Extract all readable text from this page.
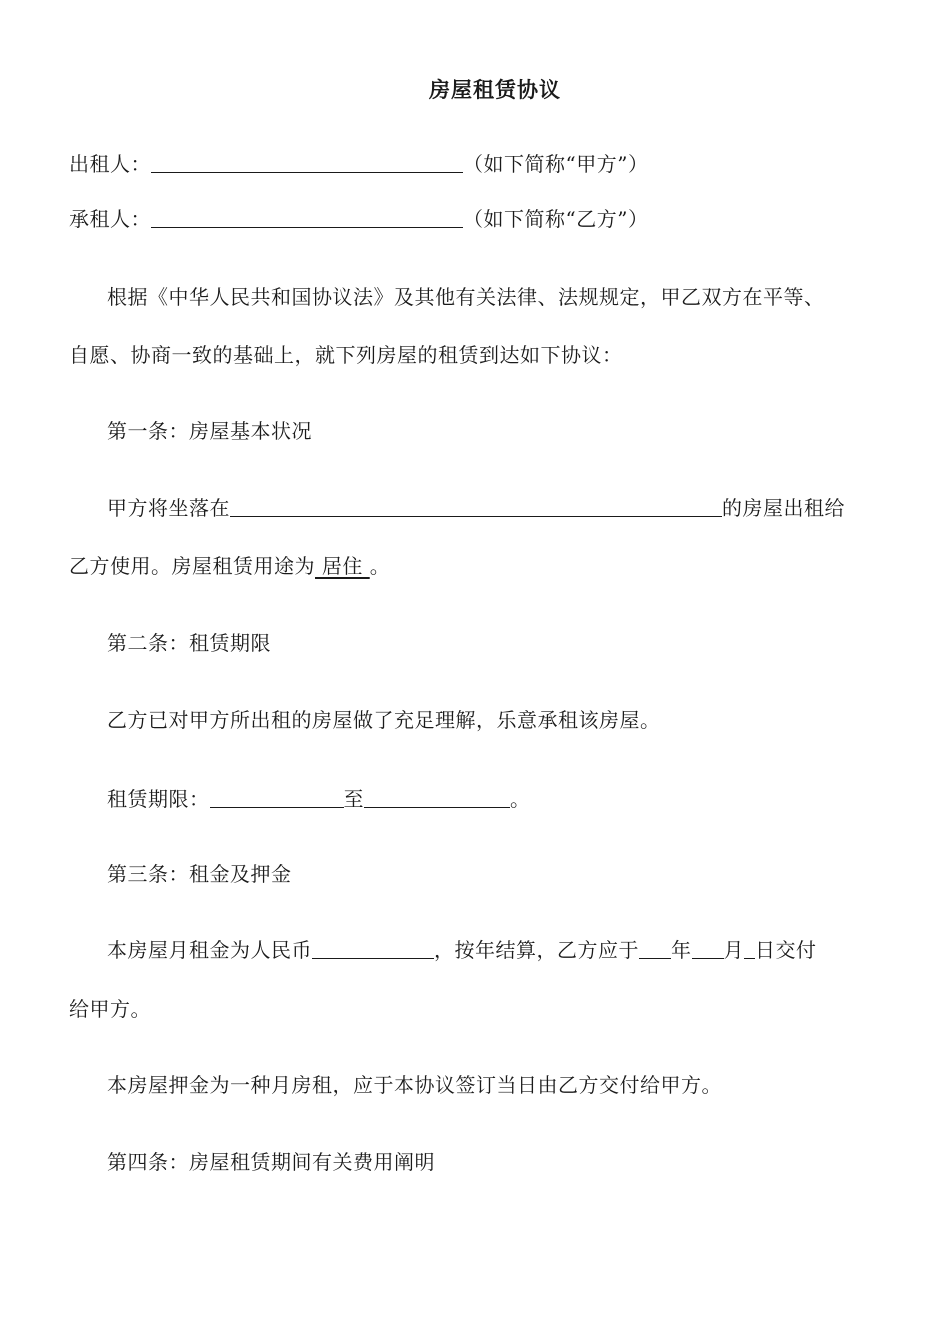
房屋租赁协议
出租人：	（如下简称“甲方”）
承租人：	（如下简称“乙方”）
根据《中华人民共和国协议法》及其他有关法律、法规规定，甲乙双方在平等、
自愿、协商一致的基础上，就下列房屋的租赁到达如下协议：
第一条：房屋基本状况
甲方将坐落在	的房屋出租给
乙方使用。房屋租赁用途为 居住 。
第二条：租赁期限
乙方已对甲方所出租的房屋做了充足理解，乐意承租该房屋。
租赁期限：	至	。
第三条：租金及押金
本房屋月租金为人民币	，按年结算，乙方应于 年 月 日交付
给甲方。
本房屋押金为一种月房租，应于本协议签订当日由乙方交付给甲方。
第四条：房屋租赁期间有关费用阐明
